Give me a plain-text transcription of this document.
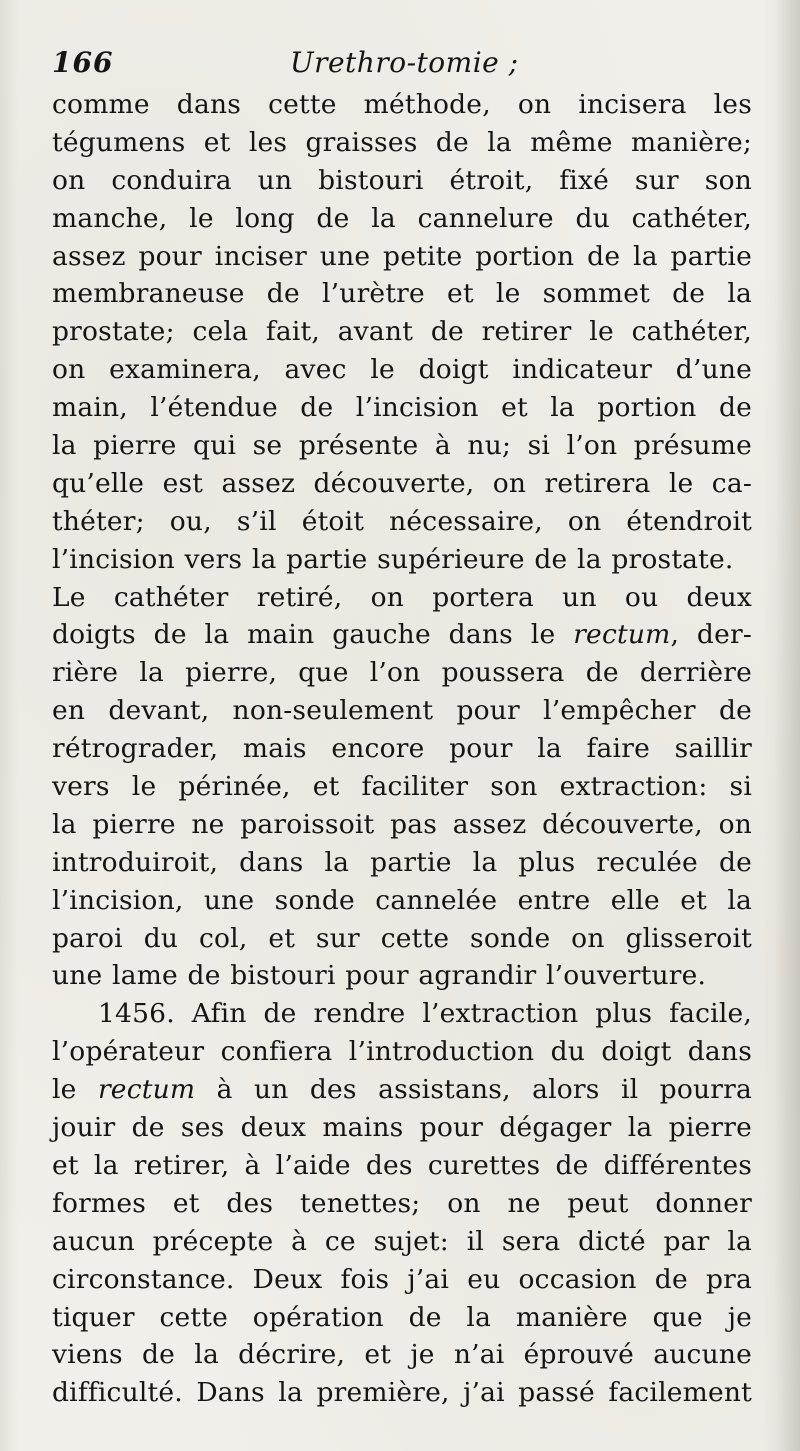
166	Urethro-tomie ;
comme dans cette méthode, on incisera les
tégumens et les graisses de la même manière;
on conduira un bistouri étroit, fixé sur son
manche, le long de la cannelure du cathéter,
assez pour inciser une petite portion de la partie
membraneuse de l’urètre et le sommet de la
prostate; cela fait, avant de retirer le cathéter,
on examinera, avec le doigt indicateur d’une
main, l’étendue de l’incision et la portion de
la pierre qui se présente à nu; si l’on présume
qu’elle est assez découverte, on retirera le ca-
théter; ou, s’il étoit nécessaire, on étendroit
l’incision vers la partie supérieure de la prostate.
Le cathéter retiré, on portera un ou deux
doigts de la main gauche dans le rectum, der-
rière la pierre, que l’on poussera de derrière
en devant, non-seulement pour l’empêcher de
rétrograder, mais encore pour la faire saillir
vers le périnée, et faciliter son extraction: si
la pierre ne paroissoit pas assez découverte, on
introduiroit, dans la partie la plus reculée de
l’incision, une sonde cannelée entre elle et la
paroi du col, et sur cette sonde on glisseroit
une lame de bistouri pour agrandir l’ouverture.
1456. Afin de rendre l’extraction plus facile,
l’opérateur confiera l’introduction du doigt dans
le rectum à un des assistans, alors il pourra
jouir de ses deux mains pour dégager la pierre
et la retirer, à l’aide des curettes de différentes
formes et des tenettes; on ne peut donner
aucun précepte à ce sujet: il sera dicté par la
circonstance. Deux fois j’ai eu occasion de pra
tiquer cette opération de la manière que je
viens de la décrire, et je n’ai éprouvé aucune
difficulté. Dans la première, j’ai passé facilement
